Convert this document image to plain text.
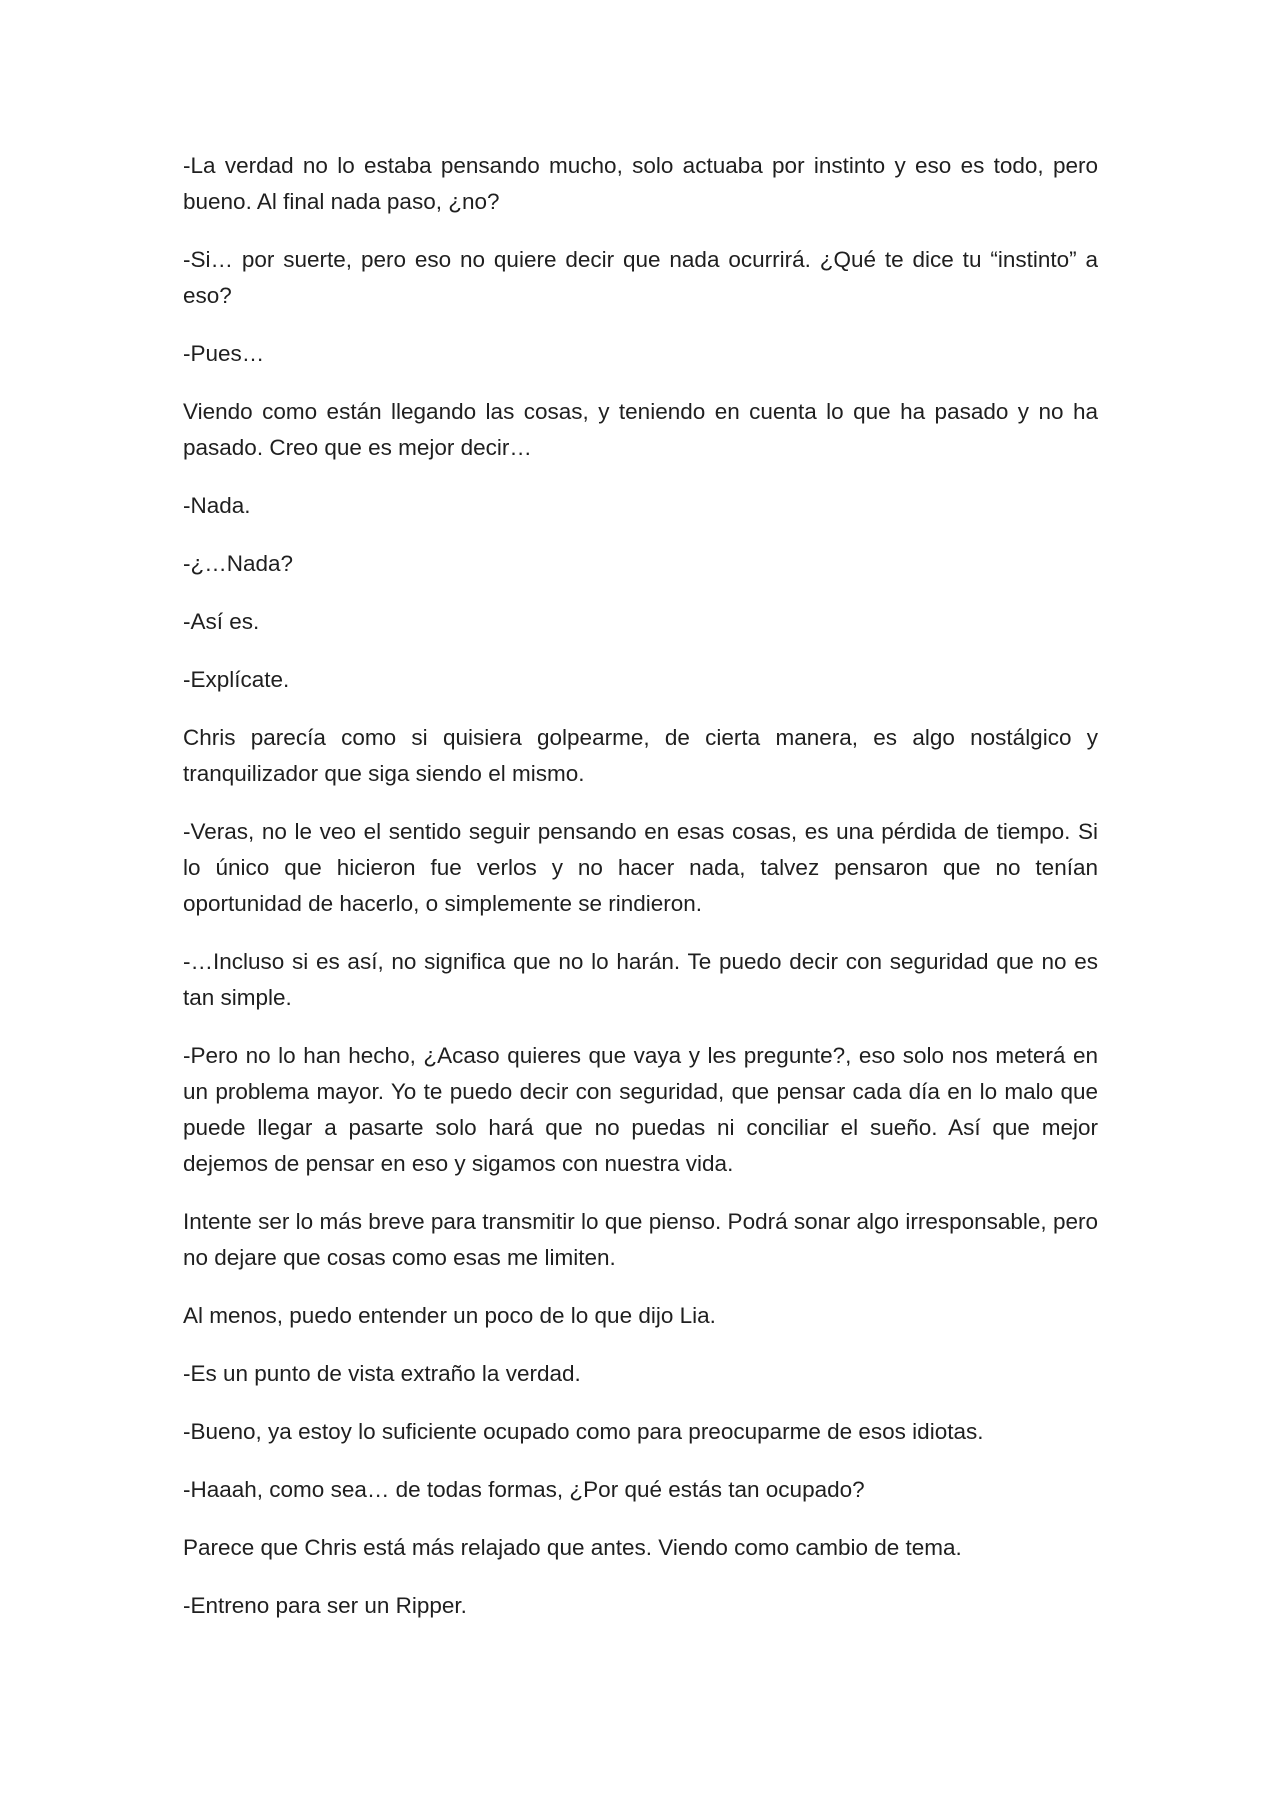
-La verdad no lo estaba pensando mucho, solo actuaba por instinto y eso es todo, pero bueno. Al final nada paso, ¿no?

-Si… por suerte, pero eso no quiere decir que nada ocurrirá. ¿Qué te dice tu “instinto” a eso?

-Pues…

Viendo como están llegando las cosas, y teniendo en cuenta lo que ha pasado y no ha pasado. Creo que es mejor decir…

-Nada.

-¿…Nada?

-Así es.

-Explícate.

Chris parecía como si quisiera golpearme, de cierta manera, es algo nostálgico y tranquilizador que siga siendo el mismo.

-Veras, no le veo el sentido seguir pensando en esas cosas, es una pérdida de tiempo. Si lo único que hicieron fue verlos y no hacer nada, talvez pensaron que no tenían oportunidad de hacerlo, o simplemente se rindieron.

-…Incluso si es así, no significa que no lo harán. Te puedo decir con seguridad que no es tan simple.

-Pero no lo han hecho, ¿Acaso quieres que vaya y les pregunte?, eso solo nos meterá en un problema mayor. Yo te puedo decir con seguridad, que pensar cada día en lo malo que puede llegar a pasarte solo hará que no puedas ni conciliar el sueño. Así que mejor dejemos de pensar en eso y sigamos con nuestra vida.

Intente ser lo más breve para transmitir lo que pienso. Podrá sonar algo irresponsable, pero no dejare que cosas como esas me limiten.

Al menos, puedo entender un poco de lo que dijo Lia.

-Es un punto de vista extraño la verdad.

-Bueno, ya estoy lo suficiente ocupado como para preocuparme de esos idiotas.

-Haaah, como sea… de todas formas, ¿Por qué estás tan ocupado?

Parece que Chris está más relajado que antes. Viendo como cambio de tema.

-Entreno para ser un Ripper.
